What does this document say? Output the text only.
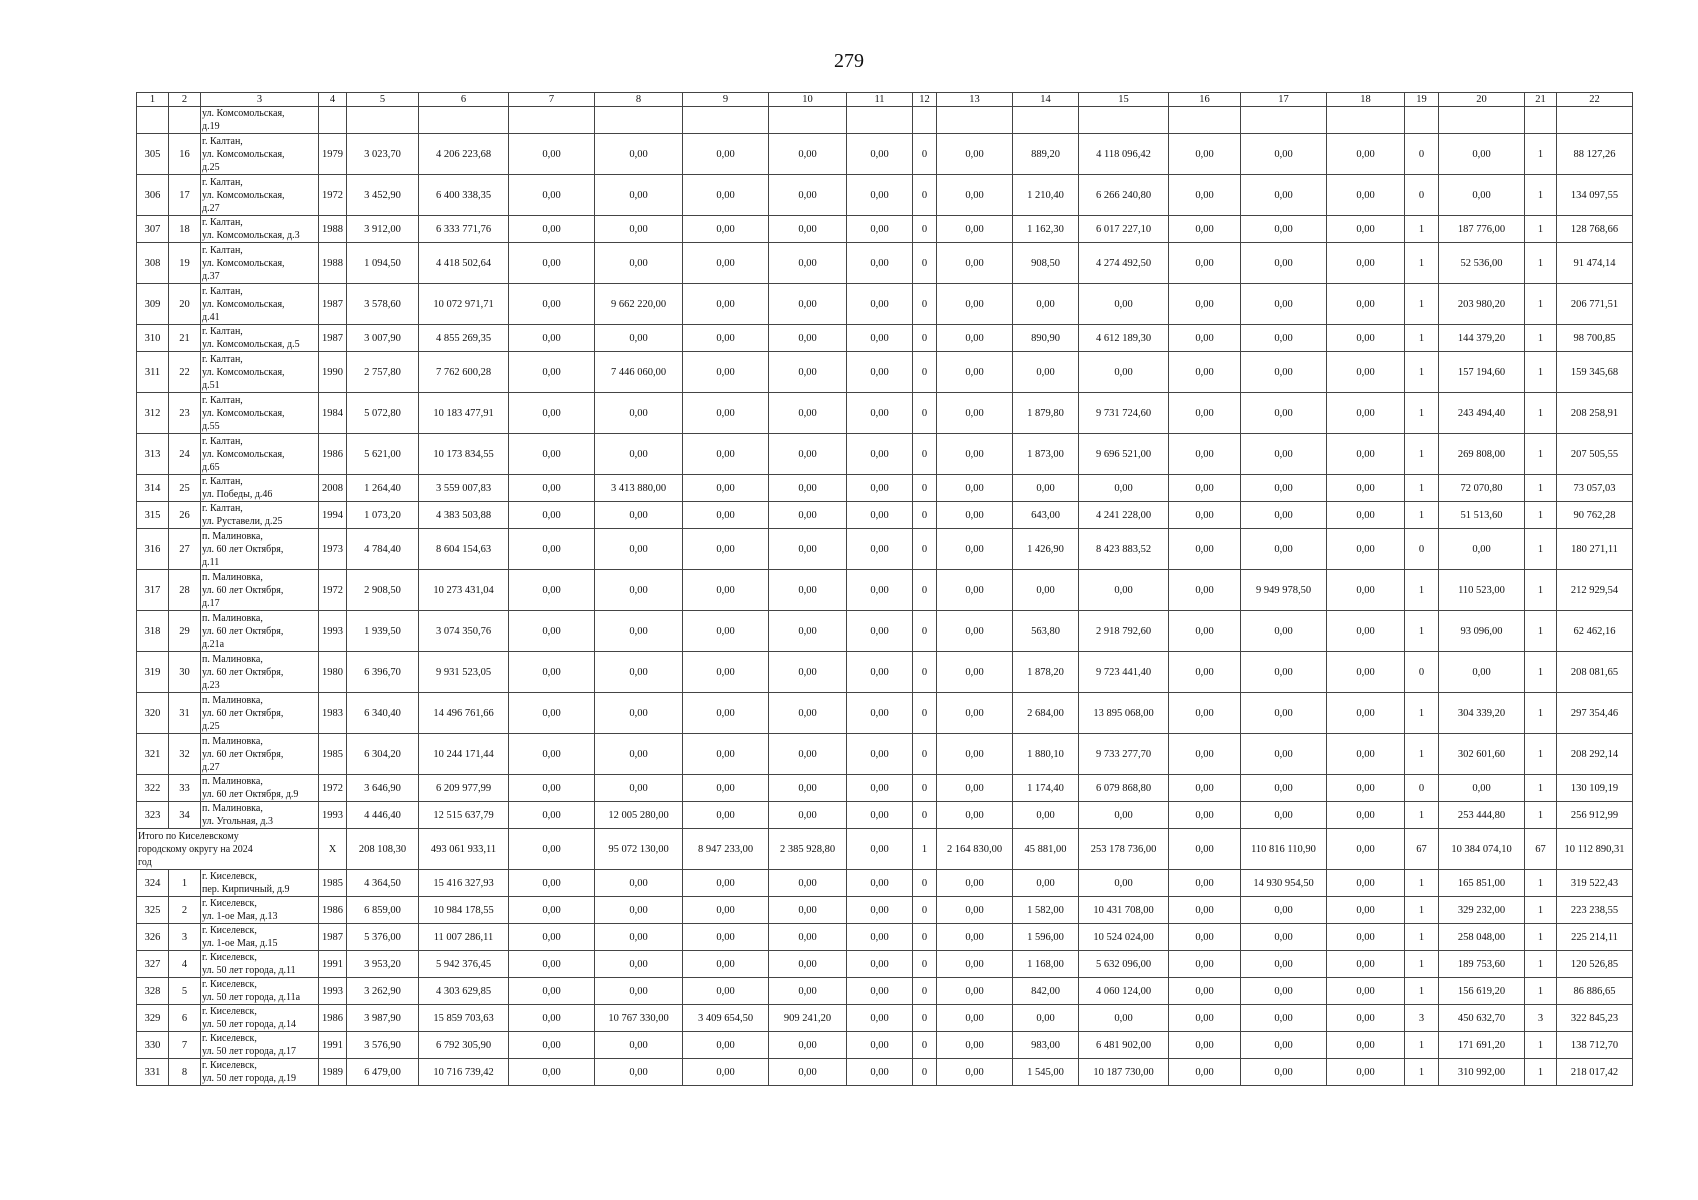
279
1	2	3	4	5	6	7	8	9	10	11	12	13	14	15	16	17	18	19	20	21	22
		ул. Комсомольская,
д.19																			
305	16	г. Калтан,
ул. Комсомольская,
д.25	1979	3 023,70	4 206 223,68	0,00	0,00	0,00	0,00	0,00	0	0,00	889,20	4 118 096,42	0,00	0,00	0,00	0	0,00	1	88 127,26
306	17	г. Калтан,
ул. Комсомольская,
д.27	1972	3 452,90	6 400 338,35	0,00	0,00	0,00	0,00	0,00	0	0,00	1 210,40	6 266 240,80	0,00	0,00	0,00	0	0,00	1	134 097,55
307	18	г. Калтан,
ул. Комсомольская, д.3	1988	3 912,00	6 333 771,76	0,00	0,00	0,00	0,00	0,00	0	0,00	1 162,30	6 017 227,10	0,00	0,00	0,00	1	187 776,00	1	128 768,66
308	19	г. Калтан,
ул. Комсомольская,
д.37	1988	1 094,50	4 418 502,64	0,00	0,00	0,00	0,00	0,00	0	0,00	908,50	4 274 492,50	0,00	0,00	0,00	1	52 536,00	1	91 474,14
309	20	г. Калтан,
ул. Комсомольская,
д.41	1987	3 578,60	10 072 971,71	0,00	9 662 220,00	0,00	0,00	0,00	0	0,00	0,00	0,00	0,00	0,00	0,00	1	203 980,20	1	206 771,51
310	21	г. Калтан,
ул. Комсомольская, д.5	1987	3 007,90	4 855 269,35	0,00	0,00	0,00	0,00	0,00	0	0,00	890,90	4 612 189,30	0,00	0,00	0,00	1	144 379,20	1	98 700,85
311	22	г. Калтан,
ул. Комсомольская,
д.51	1990	2 757,80	7 762 600,28	0,00	7 446 060,00	0,00	0,00	0,00	0	0,00	0,00	0,00	0,00	0,00	0,00	1	157 194,60	1	159 345,68
312	23	г. Калтан,
ул. Комсомольская,
д.55	1984	5 072,80	10 183 477,91	0,00	0,00	0,00	0,00	0,00	0	0,00	1 879,80	9 731 724,60	0,00	0,00	0,00	1	243 494,40	1	208 258,91
313	24	г. Калтан,
ул. Комсомольская,
д.65	1986	5 621,00	10 173 834,55	0,00	0,00	0,00	0,00	0,00	0	0,00	1 873,00	9 696 521,00	0,00	0,00	0,00	1	269 808,00	1	207 505,55
314	25	г. Калтан,
ул. Победы, д.46	2008	1 264,40	3 559 007,83	0,00	3 413 880,00	0,00	0,00	0,00	0	0,00	0,00	0,00	0,00	0,00	0,00	1	72 070,80	1	73 057,03
315	26	г. Калтан,
ул. Руставели, д.25	1994	1 073,20	4 383 503,88	0,00	0,00	0,00	0,00	0,00	0	0,00	643,00	4 241 228,00	0,00	0,00	0,00	1	51 513,60	1	90 762,28
316	27	п. Малиновка,
ул. 60 лет Октября,
д.11	1973	4 784,40	8 604 154,63	0,00	0,00	0,00	0,00	0,00	0	0,00	1 426,90	8 423 883,52	0,00	0,00	0,00	0	0,00	1	180 271,11
317	28	п. Малиновка,
ул. 60 лет Октября,
д.17	1972	2 908,50	10 273 431,04	0,00	0,00	0,00	0,00	0,00	0	0,00	0,00	0,00	0,00	9 949 978,50	0,00	1	110 523,00	1	212 929,54
318	29	п. Малиновка,
ул. 60 лет Октября,
д.21а	1993	1 939,50	3 074 350,76	0,00	0,00	0,00	0,00	0,00	0	0,00	563,80	2 918 792,60	0,00	0,00	0,00	1	93 096,00	1	62 462,16
319	30	п. Малиновка,
ул. 60 лет Октября,
д.23	1980	6 396,70	9 931 523,05	0,00	0,00	0,00	0,00	0,00	0	0,00	1 878,20	9 723 441,40	0,00	0,00	0,00	0	0,00	1	208 081,65
320	31	п. Малиновка,
ул. 60 лет Октября,
д.25	1983	6 340,40	14 496 761,66	0,00	0,00	0,00	0,00	0,00	0	0,00	2 684,00	13 895 068,00	0,00	0,00	0,00	1	304 339,20	1	297 354,46
321	32	п. Малиновка,
ул. 60 лет Октября,
д.27	1985	6 304,20	10 244 171,44	0,00	0,00	0,00	0,00	0,00	0	0,00	1 880,10	9 733 277,70	0,00	0,00	0,00	1	302 601,60	1	208 292,14
322	33	п. Малиновка,
ул. 60 лет Октября, д.9	1972	3 646,90	6 209 977,99	0,00	0,00	0,00	0,00	0,00	0	0,00	1 174,40	6 079 868,80	0,00	0,00	0,00	0	0,00	1	130 109,19
323	34	п. Малиновка,
ул. Угольная, д.3	1993	4 446,40	12 515 637,79	0,00	12 005 280,00	0,00	0,00	0,00	0	0,00	0,00	0,00	0,00	0,00	0,00	1	253 444,80	1	256 912,99
Итого по Киселевскому
городскому округу на 2024
год			Х	208 108,30	493 061 933,11	0,00	95 072 130,00	8 947 233,00	2 385 928,80	0,00	1	2 164 830,00	45 881,00	253 178 736,00	0,00	110 816 110,90	0,00	67	10 384 074,10	67	10 112 890,31
324	1	г. Киселевск,
пер. Кирпичный, д.9	1985	4 364,50	15 416 327,93	0,00	0,00	0,00	0,00	0,00	0	0,00	0,00	0,00	0,00	14 930 954,50	0,00	1	165 851,00	1	319 522,43
325	2	г. Киселевск,
ул. 1-ое Мая, д.13	1986	6 859,00	10 984 178,55	0,00	0,00	0,00	0,00	0,00	0	0,00	1 582,00	10 431 708,00	0,00	0,00	0,00	1	329 232,00	1	223 238,55
326	3	г. Киселевск,
ул. 1-ое Мая, д.15	1987	5 376,00	11 007 286,11	0,00	0,00	0,00	0,00	0,00	0	0,00	1 596,00	10 524 024,00	0,00	0,00	0,00	1	258 048,00	1	225 214,11
327	4	г. Киселевск,
ул. 50 лет города, д.11	1991	3 953,20	5 942 376,45	0,00	0,00	0,00	0,00	0,00	0	0,00	1 168,00	5 632 096,00	0,00	0,00	0,00	1	189 753,60	1	120 526,85
328	5	г. Киселевск,
ул. 50 лет города, д.11а	1993	3 262,90	4 303 629,85	0,00	0,00	0,00	0,00	0,00	0	0,00	842,00	4 060 124,00	0,00	0,00	0,00	1	156 619,20	1	86 886,65
329	6	г. Киселевск,
ул. 50 лет города, д.14	1986	3 987,90	15 859 703,63	0,00	10 767 330,00	3 409 654,50	909 241,20	0,00	0	0,00	0,00	0,00	0,00	0,00	0,00	3	450 632,70	3	322 845,23
330	7	г. Киселевск,
ул. 50 лет города, д.17	1991	3 576,90	6 792 305,90	0,00	0,00	0,00	0,00	0,00	0	0,00	983,00	6 481 902,00	0,00	0,00	0,00	1	171 691,20	1	138 712,70
331	8	г. Киселевск,
ул. 50 лет города, д.19	1989	6 479,00	10 716 739,42	0,00	0,00	0,00	0,00	0,00	0	0,00	1 545,00	10 187 730,00	0,00	0,00	0,00	1	310 992,00	1	218 017,42
